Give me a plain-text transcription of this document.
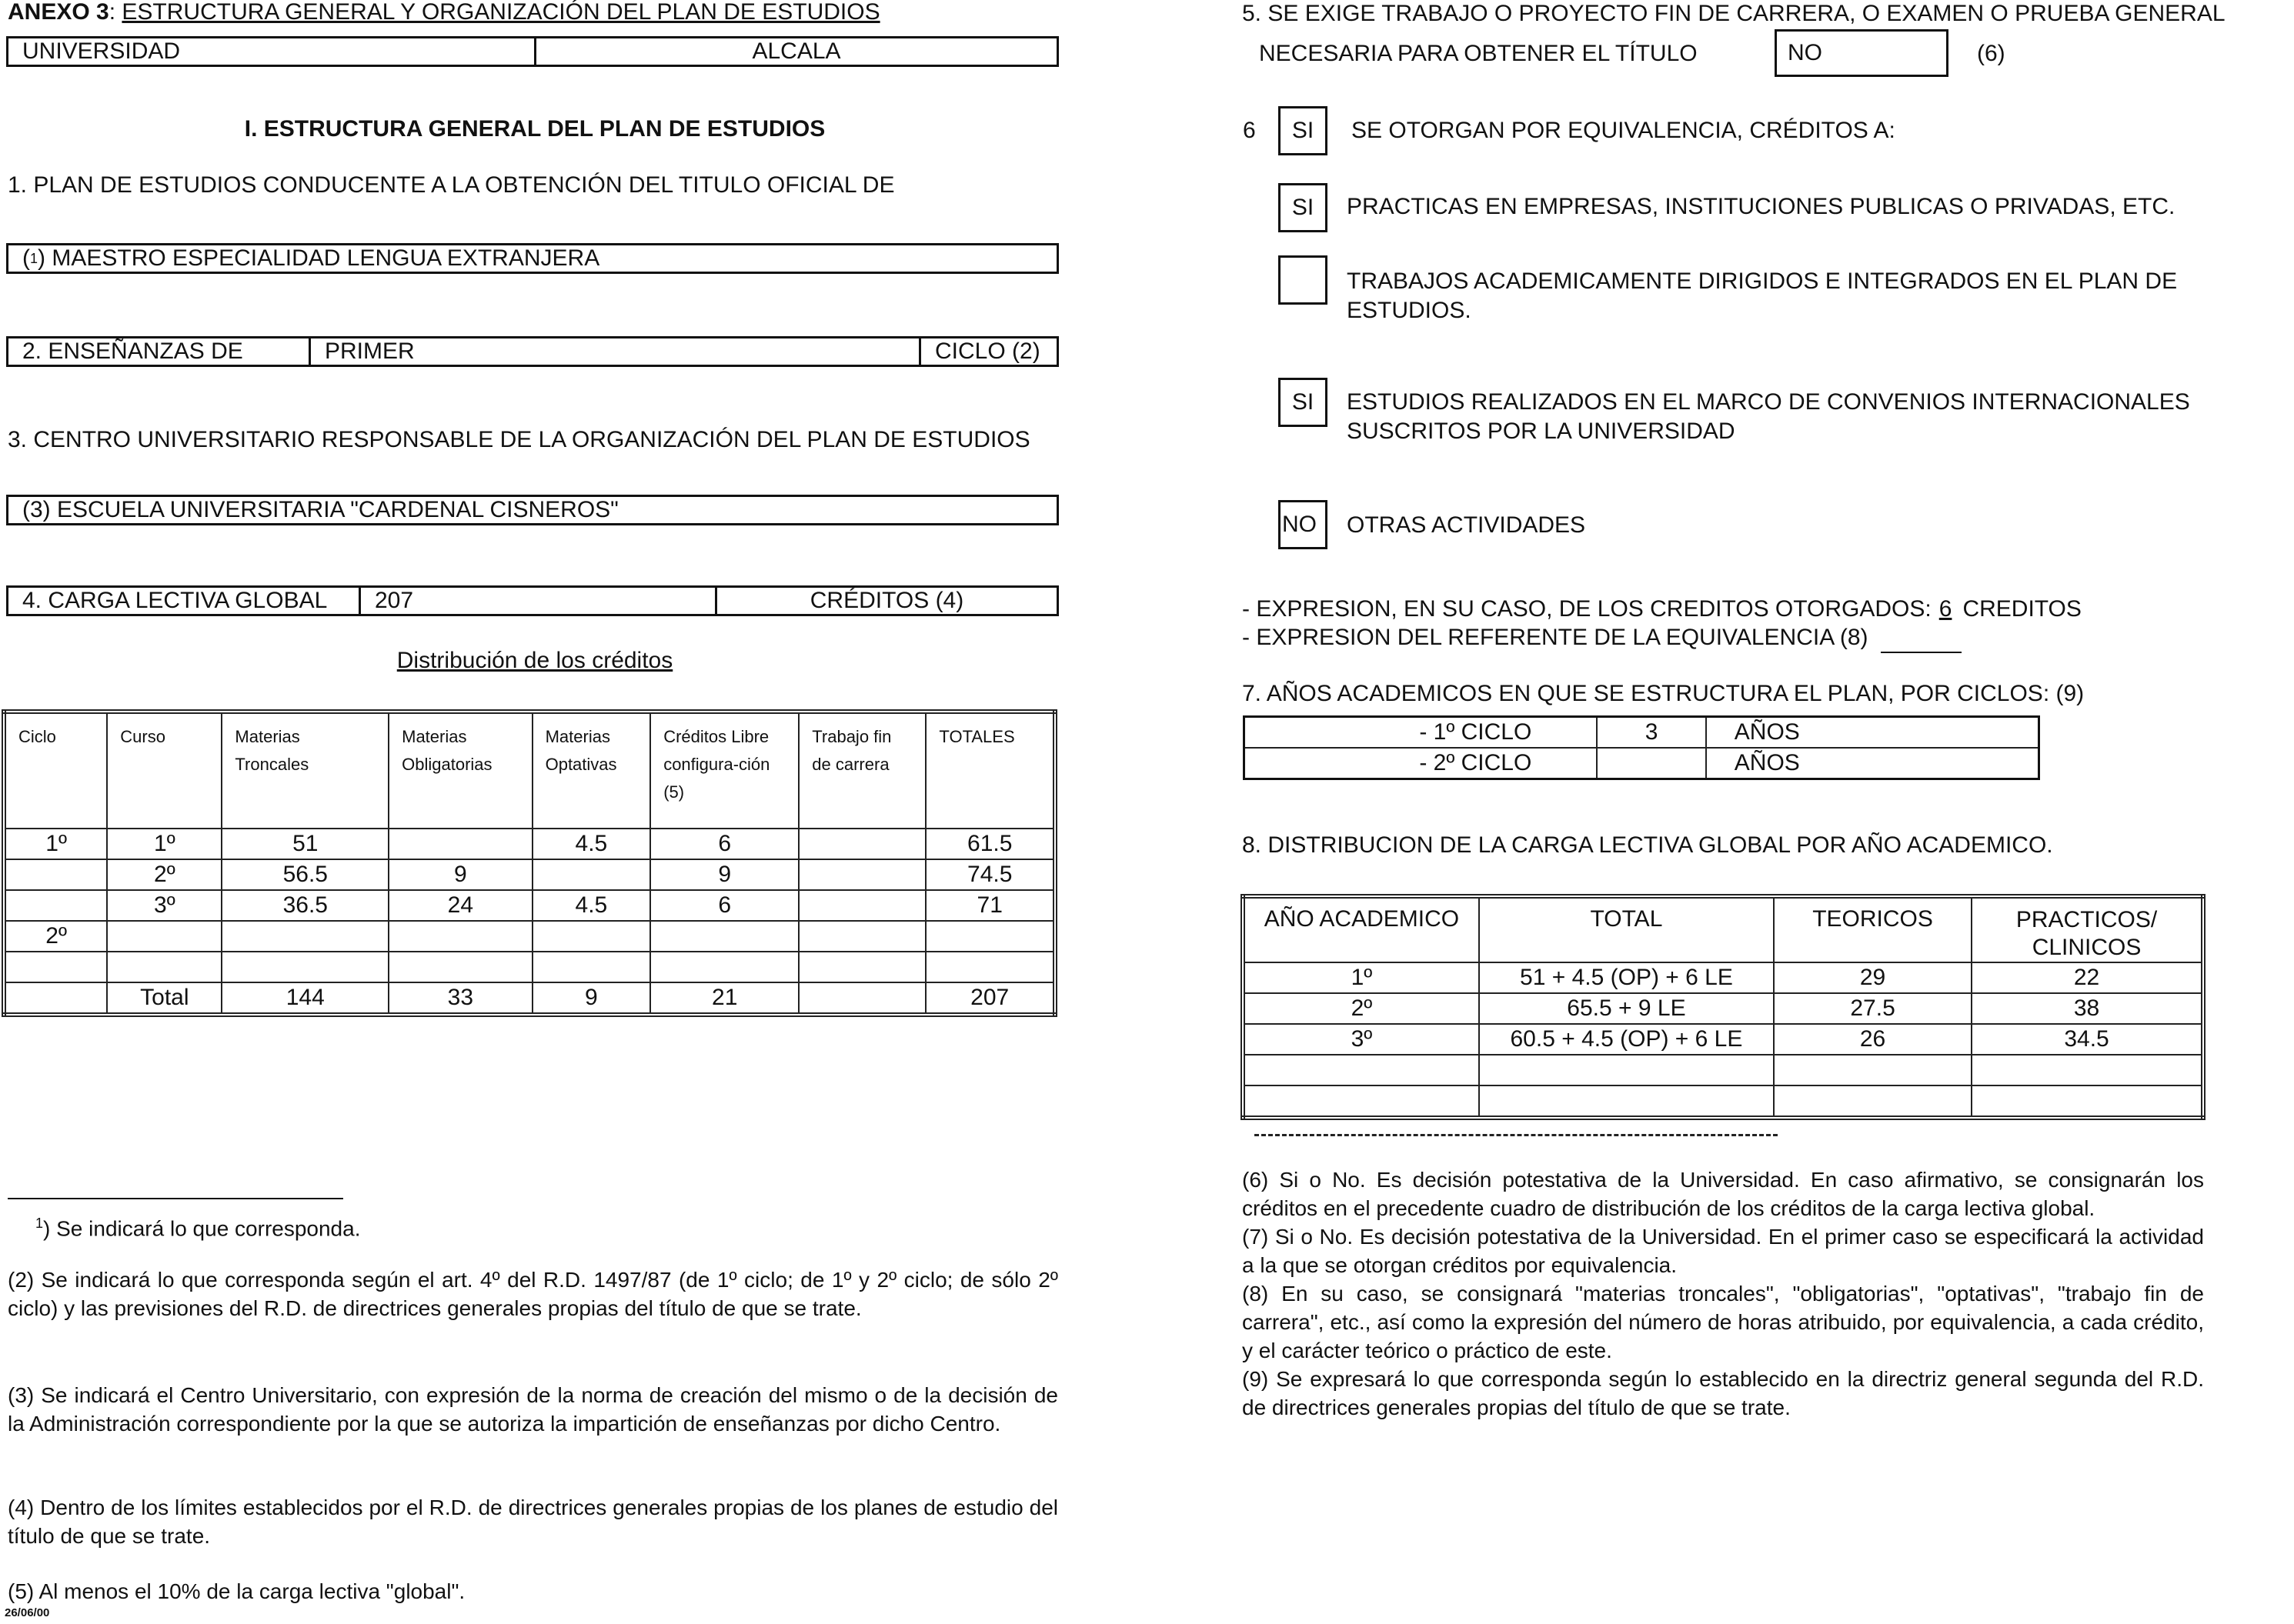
ANEXO 3: ESTRUCTURA GENERAL Y ORGANIZACIÓN DEL PLAN DE ESTUDIOS
UNIVERSIDAD	ALCALA
I. ESTRUCTURA GENERAL DEL PLAN DE ESTUDIOS
1. PLAN DE ESTUDIOS CONDUCENTE A LA OBTENCIÓN DEL TITULO OFICIAL DE
( 1 )
MAESTRO ESPECIALIDAD LENGUA EXTRANJERA
2. ENSEÑANZAS DE	PRIMER	CICLO (2)
3. CENTRO UNIVERSITARIO RESPONSABLE DE LA ORGANIZACIÓN DEL PLAN DE ESTUDIOS
(3) ESCUELA UNIVERSITARIA "CARDENAL CISNEROS"
4. CARGA LECTIVA GLOBAL	207	CRÉDITOS (4)
Distribución de los créditos
Ciclo	Curso	Materias Troncales	Materias Obligatorias	Materias Optativas	Créditos Libre configura-ción (5)	Trabajo fin de carrera	TOTALES
1º	1º	51		4.5	6		61.5
	2º	56.5	9		9		74.5
	3º	36.5	24	4.5	6		71
2º							

	Total	144	33	9	21		207
$^1$) Se indicará lo que corresponda.
(2) Se indicará lo que corresponda según el art. 4º del R.D. 1497/87 (de 1º ciclo; de 1º y 2º ciclo; de sólo 2º ciclo) y las previsiones del R.D. de directrices generales propias del título de que se trate.
(3) Se indicará el Centro Universitario, con expresión de la norma de creación del mismo o de la decisión de la Administración correspondiente por la que se autoriza la impartición de enseñanzas por dicho Centro.
(4) Dentro de los límites establecidos por el R.D. de directrices generales propias de los planes de estudio del título de que se trate.
(5) Al menos el 10% de la carga lectiva "global".
26/06/00
5. SE EXIGE TRABAJO O PROYECTO FIN DE CARRERA, O EXAMEN O PRUEBA GENERAL
NECESARIA PARA OBTENER EL TÍTULO	NO	(6)
6	SI	SE OTORGAN POR EQUIVALENCIA, CRÉDITOS A:
SI	PRACTICAS EN EMPRESAS, INSTITUCIONES PUBLICAS O PRIVADAS, ETC.
TRABAJOS ACADEMICAMENTE DIRIGIDOS E INTEGRADOS EN EL PLAN DE
ESTUDIOS.
SI	ESTUDIOS REALIZADOS EN EL MARCO DE CONVENIOS INTERNACIONALES
SUSCRITOS POR LA UNIVERSIDAD
NO	OTRAS ACTIVIDADES
- EXPRESION, EN SU CASO, DE LOS CREDITOS OTORGADOS: 6 CREDITOS
- EXPRESION DEL REFERENTE DE LA EQUIVALENCIA (8)
7. AÑOS ACADEMICOS EN QUE SE ESTRUCTURA EL PLAN, POR CICLOS: (9)
- 1º CICLO	3	AÑOS
- 2º CICLO		AÑOS
8. DISTRIBUCION DE LA CARGA LECTIVA GLOBAL POR AÑO ACADEMICO.
AÑO ACADEMICO	TOTAL	TEORICOS	PRACTICOS/ CLINICOS
1º	51 + 4.5 (OP) + 6 LE	29	22
2º	65.5 + 9 LE	27.5	38
3º	60.5 + 4.5 (OP) + 6 LE	26	34.5

(6) Si o No. Es decisión potestativa de la Universidad. En caso afirmativo, se consignarán los créditos en el precedente cuadro de distribución de los créditos de la carga lectiva global.
(7) Si o No. Es decisión potestativa de la Universidad. En el primer caso se especificará la actividad a la que se otorgan créditos por equivalencia.
(8) En su caso, se consignará "materias troncales", "obligatorias", "optativas", "trabajo fin de carrera", etc., así como la expresión del número de horas atribuido, por equivalencia, a cada crédito, y el carácter teórico o práctico de este.
(9) Se expresará lo que corresponda según lo establecido en la directriz general segunda del R.D. de directrices generales propias del título de que se trate.
